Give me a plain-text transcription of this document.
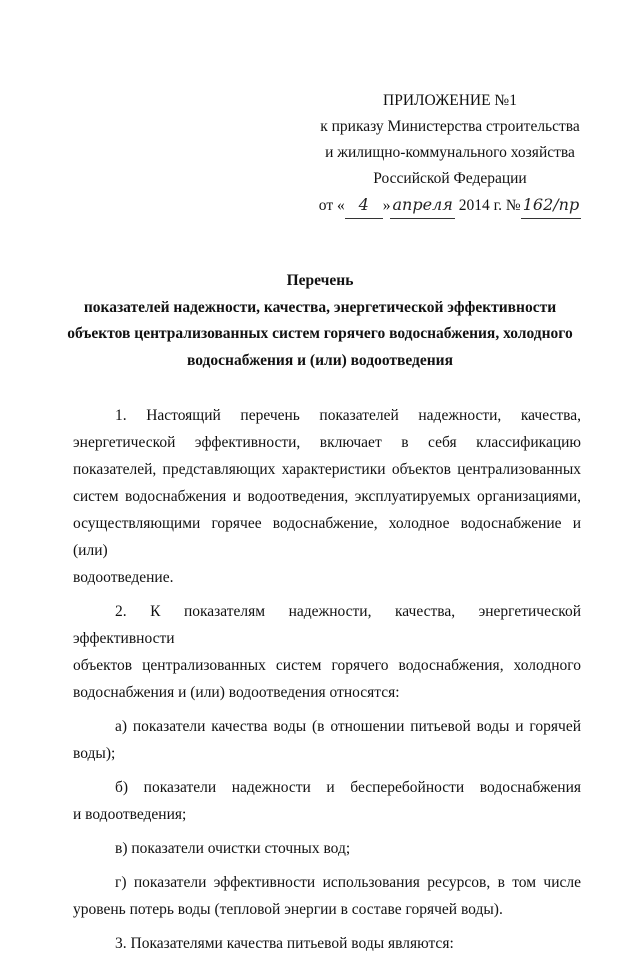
ПРИЛОЖЕНИЕ №1
к приказу Министерства строительства
и жилищно-коммунального хозяйства
Российской Федерации
от « 4 » апреля 2014 г. № 162/пр
Перечень
показателей надежности, качества, энергетической эффективности
объектов централизованных систем горячего водоснабжения, холодного
водоснабжения и (или) водоотведения

1. Настоящий перечень показателей надежности, качества,

энергетической эффективности, включает в себя классификацию

показателей, представляющих характеристики объектов централизованных

систем водоснабжения и водоотведения, эксплуатируемых организациями,

осуществляющими горячее водоснабжение, холодное водоснабжение и (или)

водоотведение.

2. К показателям надежности, качества, энергетической эффективности

объектов централизованных систем горячего водоснабжения, холодного

водоснабжения и (или) водоотведения относятся:

а) показатели качества воды (в отношении питьевой воды и горячей

воды);

б) показатели надежности и бесперебойности водоснабжения

и водоотведения;

в) показатели очистки сточных вод;

г) показатели эффективности использования ресурсов, в том числе

уровень потерь воды (тепловой энергии в составе горячей воды).

3. Показателями качества питьевой воды являются:
